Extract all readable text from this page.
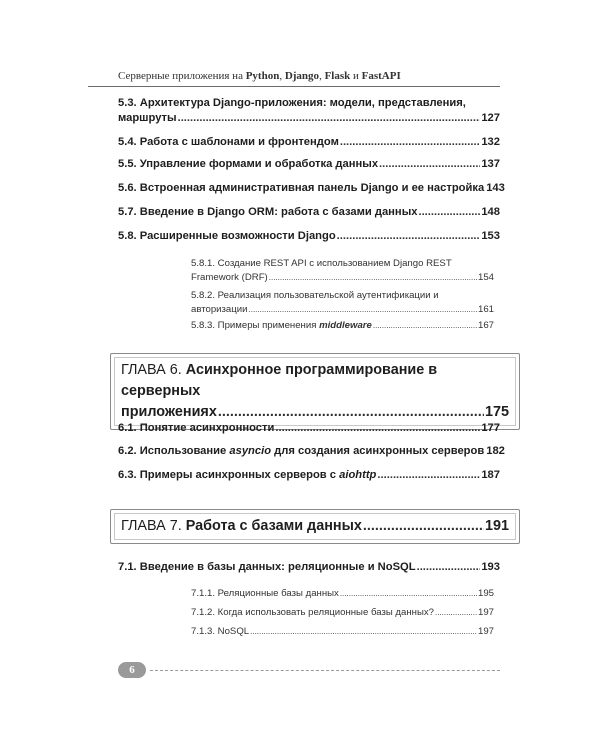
Серверные приложения на Python, Django, Flask и FastAPI
5.3. Архитектура Django-приложения: модели, представления,
маршруты .....	127
5.4. Работа с шаблонами и фронтендом .....	132
5.5. Управление формами и обработка данных .....	137
5.6. Встроенная административная панель Django и ее настройка 143
5.7. Введение в Django ORM: работа с базами данных .....	148
5.8. Расширенные возможности Django .....	153
5.8.1. Создание REST API с использованием Django REST
Framework (DRF) .....	154
5.8.2. Реализация пользовательской аутентификации и
авторизации .....	161
5.8.3. Примеры применения middleware .....	167
ГЛАВА 6. Асинхронное программирование в серверных
приложениях .....	175
6.1. Понятие асинхронности .....	177
6.2. Использование asyncio для создания асинхронных серверов 182
6.3. Примеры асинхронных серверов с aiohttp .....	187
ГЛАВА 7. Работа с базами данных .....	191
7.1. Введение в базы данных: реляционные и NoSQL .....	193
7.1.1. Реляционные базы данных .....	195
7.1.2. Когда использовать реляционные базы данных? .....	197
7.1.3. NoSQL .....	197
6
